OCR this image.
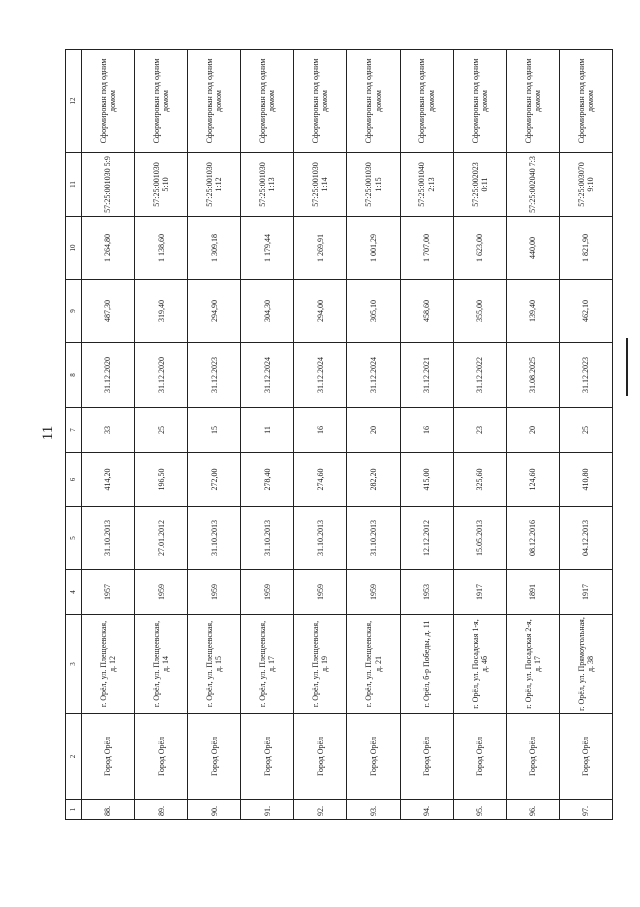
11
1	2	3	4	5	6	7	8	9	10	11	12
88.	Город Орёл	г. Орёл, ул. Плещеевская, д. 12	1957	31.10.2013	414,20	33	31.12.2020	487,30	1 264,80	57:25:001030 5:9	Сформирован под одним домом
89.	Город Орёл	г. Орёл, ул. Плещеевская, д. 14	1959	27.01.2012	196,50	25	31.12.2020	319,40	1 138,60	57:25:001030 5:10	Сформирован под одним домом
90.	Город Орёл	г. Орёл, ул. Плещеевская, д. 15	1959	31.10.2013	272,00	15	31.12.2023	294,90	1 309,18	57:25:001030 1:12	Сформирован под одним домом
91.	Город Орёл	г. Орёл, ул. Плещеевская, д. 17	1959	31.10.2013	278,40	11	31.12.2024	304,30	1 179,44	57:25:001030 1:13	Сформирован под одним домом
92.	Город Орёл	г. Орёл, ул. Плещеевская, д. 19	1959	31.10.2013	274,60	16	31.12.2024	294,00	1 269,91	57:25:001030 1:14	Сформирован под одним домом
93.	Город Орёл	г. Орёл, ул. Плещеевская, д. 21	1959	31.10.2013	282,20	20	31.12.2024	305,10	1 001,29	57:25:001030 1:15	Сформирован под одним домом
94.	Город Орёл	г. Орёл, б-р Победы, д. 11	1953	12.12.2012	415,00	16	31.12.2021	458,60	1 707,00	57:25:001040 2:13	Сформирован под одним домом
95.	Город Орёл	г. Орёл, ул. Посадская 1-я, д. 4б	1917	15.05.2013	325,60	23	31.12.2022	355,00	1 623,00	57:25:002023 0:11	Сформирован под одним домом
96.	Город Орёл	г. Орёл, ул. Посадская 2-я, д. 17	1891	08.12.2016	124,60	20	31.08.2025	139,40	440,00	57:25:002040 7:3	Сформирован под одним домом
97.	Город Орёл	г. Орёл, ул. Прямоугольная, д. 38	1917	04.12.2013	410,80	25	31.12.2023	462,10	1 821,90	57:25:003070 9:10	Сформирован под одним домом
